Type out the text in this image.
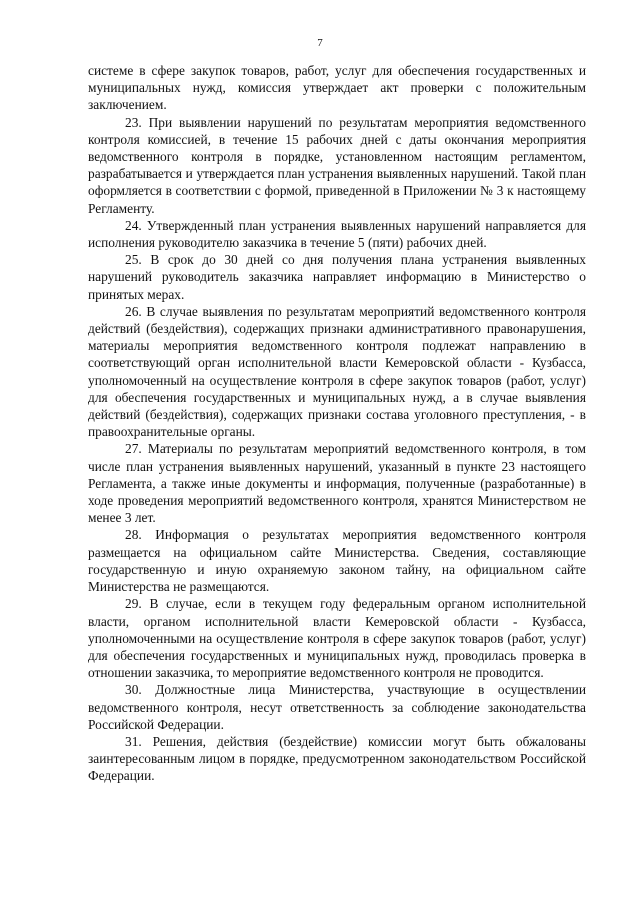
7

системе в сфере закупок товаров, работ, услуг для обеспечения государственных и муниципальных нужд, комиссия утверждает акт проверки с положительным заключением.

23. При выявлении нарушений по результатам мероприятия ведомственного контроля комиссией, в течение 15 рабочих дней с даты окончания мероприятия ведомственного контроля в порядке, установленном настоящим регламентом, разрабатывается и утверждается план устранения выявленных нарушений. Такой план оформляется в соответствии с формой, приведенной в Приложении № 3 к настоящему Регламенту.

24. Утвержденный план устранения выявленных нарушений направляется для исполнения руководителю заказчика в течение 5 (пяти) рабочих дней.

25. В срок до 30 дней со дня получения плана устранения выявленных нарушений руководитель заказчика направляет информацию в Министерство о принятых мерах.

26. В случае выявления по результатам мероприятий ведомственного контроля действий (бездействия), содержащих признаки административного правонарушения, материалы мероприятия ведомственного контроля подлежат направлению в соответствующий орган исполнительной власти Кемеровской области - Кузбасса, уполномоченный на осуществление контроля в сфере закупок товаров (работ, услуг) для обеспечения государственных и муниципальных нужд, а в случае выявления действий (бездействия), содержащих признаки состава уголовного преступления, - в правоохранительные органы.

27. Материалы по результатам мероприятий ведомственного контроля, в том числе план устранения выявленных нарушений, указанный в пункте 23 настоящего Регламента, а также иные документы и информация, полученные (разработанные) в ходе проведения мероприятий ведомственного контроля, хранятся Министерством не менее 3 лет.

28. Информация о результатах мероприятия ведомственного контроля размещается на официальном сайте Министерства. Сведения, составляющие государственную и иную охраняемую законом тайну, на официальном сайте Министерства не размещаются.

29. В случае, если в текущем году федеральным органом исполнительной власти, органом исполнительной власти Кемеровской области - Кузбасса, уполномоченными на осуществление контроля в сфере закупок товаров (работ, услуг) для обеспечения государственных и муниципальных нужд, проводилась проверка в отношении заказчика, то мероприятие ведомственного контроля не проводится.

30. Должностные лица Министерства, участвующие в осуществлении ведомственного контроля, несут ответственность за соблюдение законодательства Российской Федерации.

31. Решения, действия (бездействие) комиссии могут быть обжалованы заинтересованным лицом в порядке, предусмотренном законодательством Российской Федерации.
